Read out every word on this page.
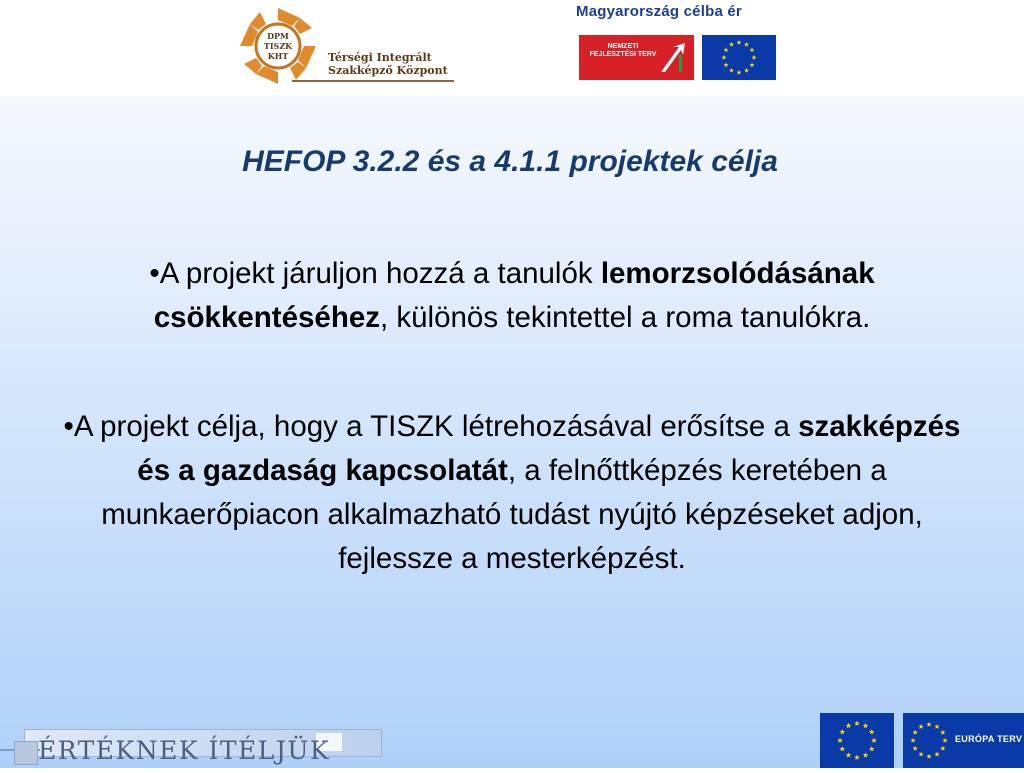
DPM
TISZK
KHT	Térségi Integrált
Szakképző Központ
Magyarország célba ér
NEMZETI FEJLESZTÉSI TERV
HEFOP 3.2.2 és a 4.1.1 projektek célja
•A projekt járuljon hozzá a tanulók lemorzsolódásának csökkentéséhez, különös tekintettel a roma tanulókra.
•A projekt célja, hogy a TISZK létrehozásával erősítse a szakképzés és a gazdaság kapcsolatát, a felnőttképzés keretében a munkaerőpiacon alkalmazható tudást nyújtó képzéseket adjon, fejlessze a mesterképzést.
ÉRTÉKNEK ÍTÉLJÜK	EURÓPA TERV
